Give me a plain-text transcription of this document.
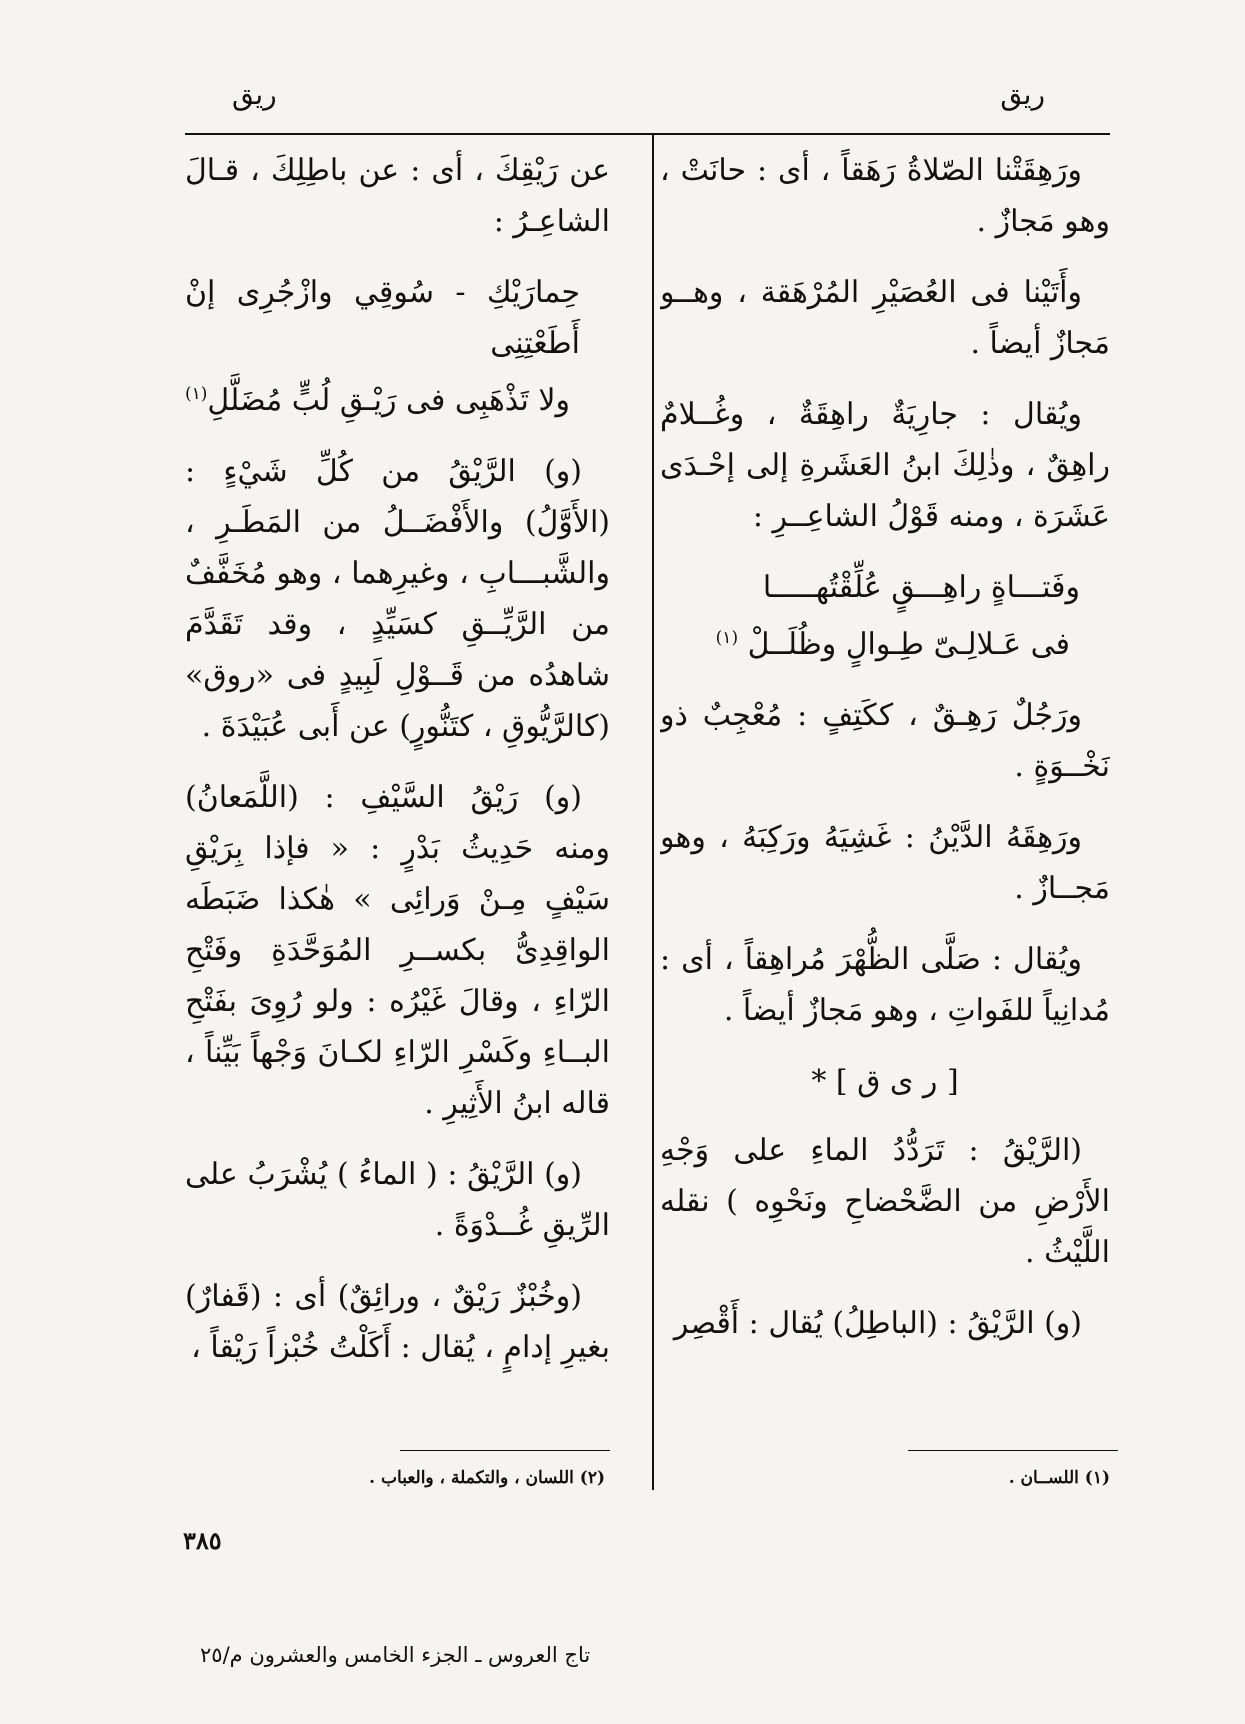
ريق
ريق

ورَهِقَتْنا الصّلاةُ رَهَقاً ، أى : حانَتْ ، وهو مَجازٌ .

وأَتَيْنا فى العُصَيْرِ المُرْهَقة ، وهــو مَجازٌ أيضاً .

ويُقال : جارِيَةٌ راهِقَةٌ ، وغُــلامٌ راهِقٌ ، وذٰلِكَ ابنُ العَشَرةِ إلى إحْـدَى عَشَرَة ، ومنه قَوْلُ الشاعِــرِ :

وفَتـــاةٍ راهِـــقٍ عُلِّقْتُهـــــا
فى عَـلالِـىّ طِـوالٍ وظُلَــلْ $^{(١)}$

ورَجُلٌ رَهِـقٌ ، ككَتِفٍ : مُعْجِبٌ ذو نَخْــوَةٍ .

ورَهِقَهُ الدَّيْنُ : غَشِيَهُ ورَكِبَهُ ، وهو مَجــازٌ .

ويُقال : صَلَّى الظُّهْرَ مُراهِقاً ، أى : مُدانِياً للفَواتِ ، وهو مَجازٌ أيضاً .

[ ر ى ق ] *

(الرَّيْقُ : تَرَدُّدُ الماءِ على وَجْهِ الأَرْضِ من الضَّحْضاحِ ونَحْوِه ) نقله اللَّيْثُ .

(و) الرَّيْقُ : (الباطِلُ) يُقال : أَقْصِر

عن رَيْقِكَ ، أى : عن باطِلِكَ ، قـالَ الشاعِـرُ :

حِمارَيْكِ - سُوقِي وازْجُرِى إنْ أَطَعْتِنِى
ولا تَذْهَبِى فى رَيْـقِ لُبٍّ مُضَلَّلِ$^{(١)}$

(و) الرَّيْقُ من كُلِّ شَيْءٍ : (الأَوَّلُ) والأَفْضَــلُ من المَطَـرِ ، والشَّبـــابِ ، وغيرِهما ، وهو مُخَفَّفٌ من الرَّيِّــقِ كسَيِّدٍ ، وقد تَقَدَّمَ شاهدُه من قَــوْلِ لَبِيدٍ فى «روق» (كالرَّيُّوقِ ، كتَنُّورٍ) عن أَبى عُبَيْدَةَ .

(و) رَيْقُ السَّيْفِ : (اللَّمَعانُ) ومنه حَدِيثُ بَدْرٍ : « فإذا بِرَيْقِ سَيْفٍ مِـنْ وَرائِى » هٰكذا ضَبَطَه الواقِدِىُّ بكســرِ المُوَحَّدَةِ وفَتْحِ الرّاءِ ، وقالَ غَيْرُه : ولو رُوِىَ بفَتْحِ البــاءِ وكَسْرِ الرّاءِ لكـانَ وَجْهاً بَيِّناً ، قاله ابنُ الأَثِيرِ .

(و) الرَّيْقُ : ( الماءُ ) يُشْرَبُ على الرِّيقِ غُــدْوَةً .

(وخُبْزٌ رَيْقٌ ، ورائِقٌ) أى : (قَفارٌ) بغيرِ إدامٍ ، يُقال : أَكَلْتُ خُبْزاً رَيْقاً ،

(١) اللســان .
(٢) اللسان ، والتكملة ، والعباب .
٣٨٥
تاج العروس ـ الجزء الخامس والعشرون م/٢٥
